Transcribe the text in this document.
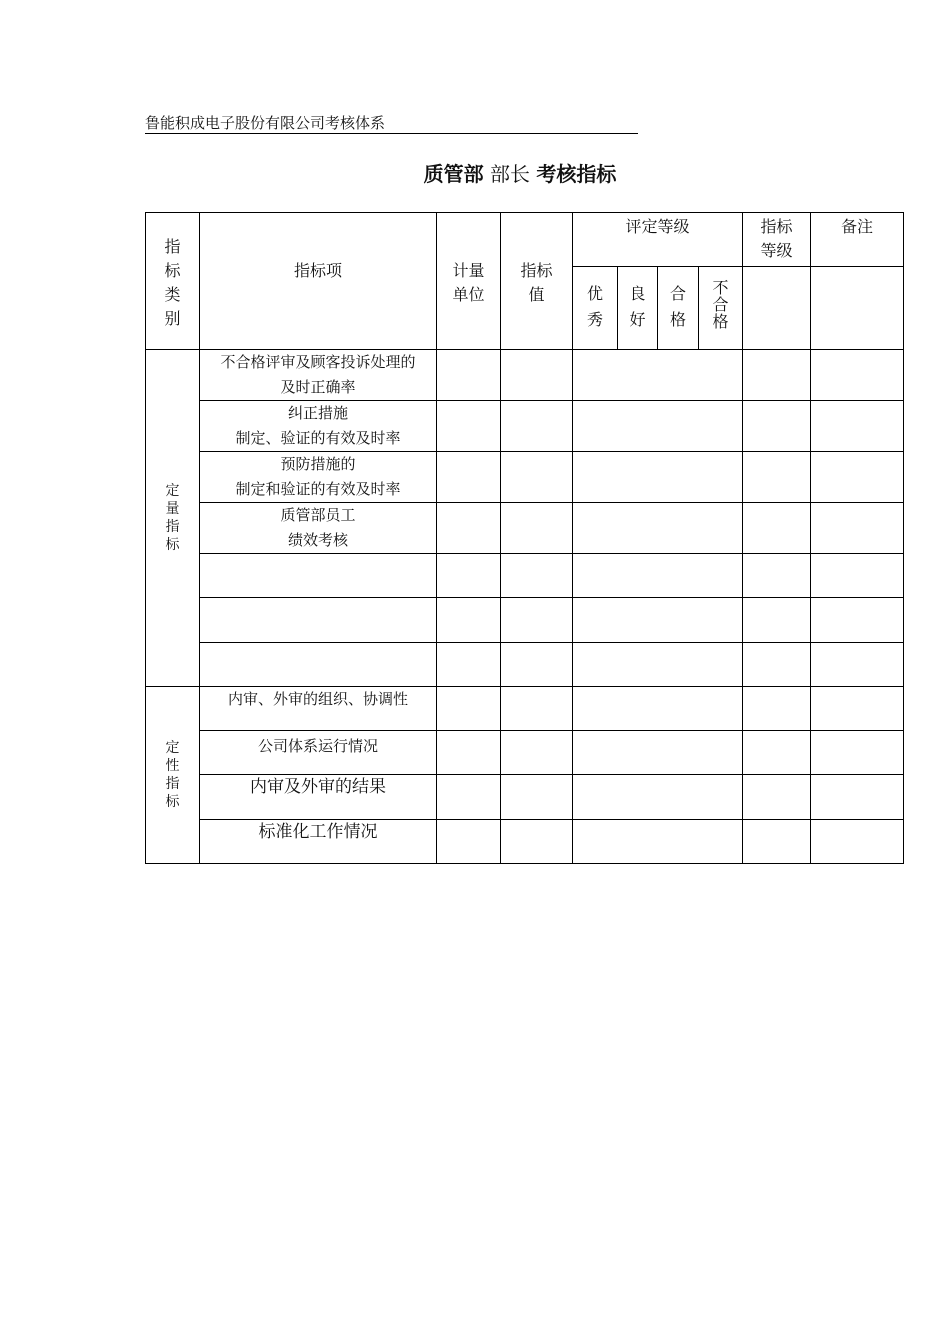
鲁能积成电子股份有限公司考核体系
质管部 部长 考核指标
指标类别	指标项	计量单位	指标值	评定等级				指标等级	备注

				优秀	良好	合格	不合格		

定量指标	不合格评审及顾客投诉处理的
及时正确率								
	纠正措施
制定、验证的有效及时率								
	预防措施的
制定和验证的有效及时率								
	质管部员工
绩效考核								

定性指标	内审、外审的组织、协调性								
	公司体系运行情况								
	内审及外审的结果								
	标准化工作情况								
